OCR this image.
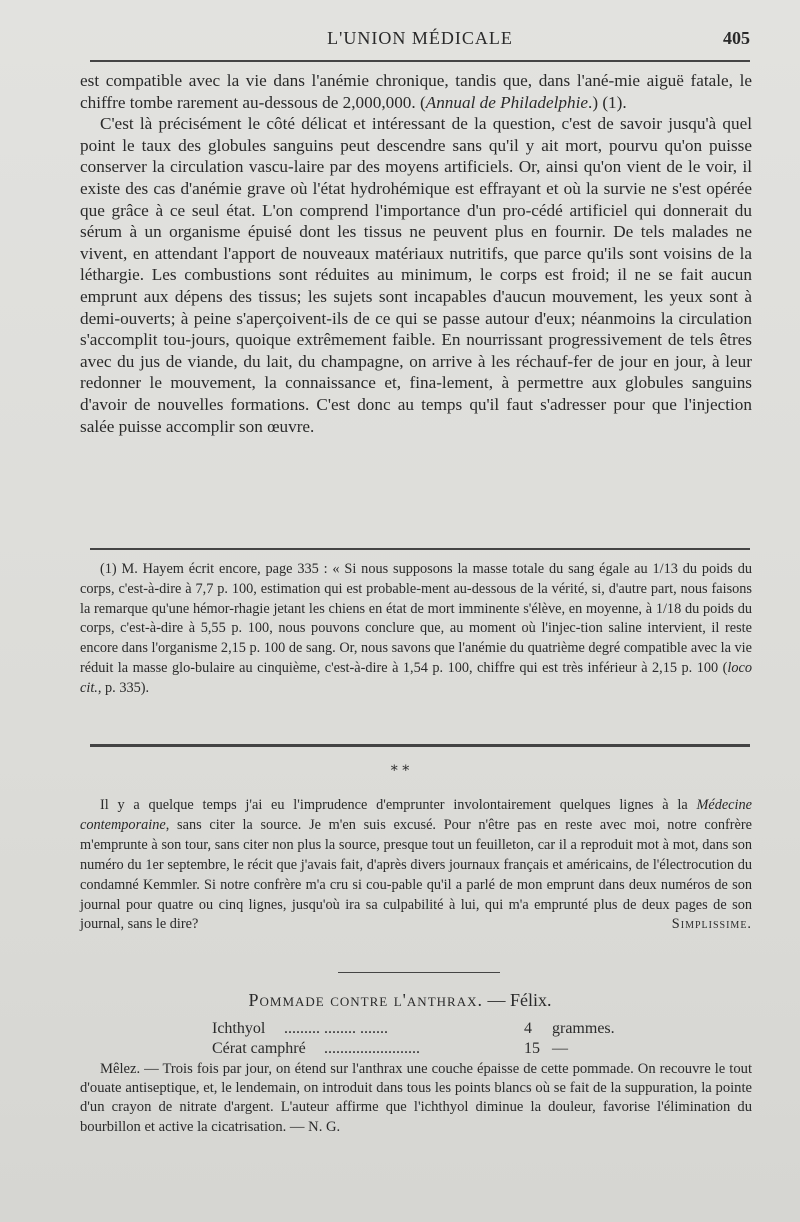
L'UNION MÉDICALE	405

est compatible avec la vie dans l'anémie chronique, tandis que, dans l'ané-mie aiguë fatale, le chiffre tombe rarement au-dessous de 2,000,000. (Annual de Philadelphie.) (1).

C'est là précisément le côté délicat et intéressant de la question, c'est de savoir jusqu'à quel point le taux des globules sanguins peut descendre sans qu'il y ait mort, pourvu qu'on puisse conserver la circulation vascu-laire par des moyens artificiels. Or, ainsi qu'on vient de le voir, il existe des cas d'anémie grave où l'état hydrohémique est effrayant et où la survie ne s'est opérée que grâce à ce seul état. L'on comprend l'importance d'un pro-cédé artificiel qui donnerait du sérum à un organisme épuisé dont les tissus ne peuvent plus en fournir. De tels malades ne vivent, en attendant l'apport de nouveaux matériaux nutritifs, que parce qu'ils sont voisins de la léthargie. Les combustions sont réduites au minimum, le corps est froid; il ne se fait aucun emprunt aux dépens des tissus; les sujets sont incapables d'aucun mouvement, les yeux sont à demi-ouverts; à peine s'aperçoivent-ils de ce qui se passe autour d'eux; néanmoins la circulation s'accomplit tou-jours, quoique extrêmement faible. En nourrissant progressivement de tels êtres avec du jus de viande, du lait, du champagne, on arrive à les réchauf-fer de jour en jour, à leur redonner le mouvement, la connaissance et, fina-lement, à permettre aux globules sanguins d'avoir de nouvelles formations. C'est donc au temps qu'il faut s'adresser pour que l'injection salée puisse accomplir son œuvre.

(1) M. Hayem écrit encore, page 335 : « Si nous supposons la masse totale du sang égale au 1/13 du poids du corps, c'est-à-dire à 7,7 p. 100, estimation qui est probable-ment au-dessous de la vérité, si, d'autre part, nous faisons la remarque qu'une hémor-rhagie jetant les chiens en état de mort imminente s'élève, en moyenne, à 1/18 du poids du corps, c'est-à-dire à 5,55 p. 100, nous pouvons conclure que, au moment où l'injec-tion saline intervient, il reste encore dans l'organisme 2,15 p. 100 de sang. Or, nous savons que l'anémie du quatrième degré compatible avec la vie réduit la masse glo-bulaire au cinquième, c'est-à-dire à 1,54 p. 100, chiffre qui est très inférieur à 2,15 p. 100 (loco cit., p. 335).

* *

Il y a quelque temps j'ai eu l'imprudence d'emprunter involontairement quelques lignes à la Médecine contemporaine, sans citer la source. Je m'en suis excusé. Pour n'être pas en reste avec moi, notre confrère m'emprunte à son tour, sans citer non plus la source, presque tout un feuilleton, car il a reproduit mot à mot, dans son numéro du 1er septembre, le récit que j'avais fait, d'après divers journaux français et américains, de l'électrocution du condamné Kemmler. Si notre confrère m'a cru si cou-pable qu'il a parlé de mon emprunt dans deux numéros de son journal pour quatre ou cinq lignes, jusqu'où ira sa culpabilité à lui, qui m'a emprunté plus de deux pages de son journal, sans le dire?	Simplissime.

Pommade contre l'anthrax. — Félix.
Ichthyol ......... ........ .......	4 grammes.
Cérat camphré ........................	15 —

Mêlez. — Trois fois par jour, on étend sur l'anthrax une couche épaisse de cette pommade. On recouvre le tout d'ouate antiseptique, et, le lendemain, on introduit dans tous les points blancs où se fait de la suppuration, la pointe d'un crayon de nitrate d'argent. L'auteur affirme que l'ichthyol diminue la douleur, favorise l'élimination du bourbillon et active la cicatrisation. — N. G.
